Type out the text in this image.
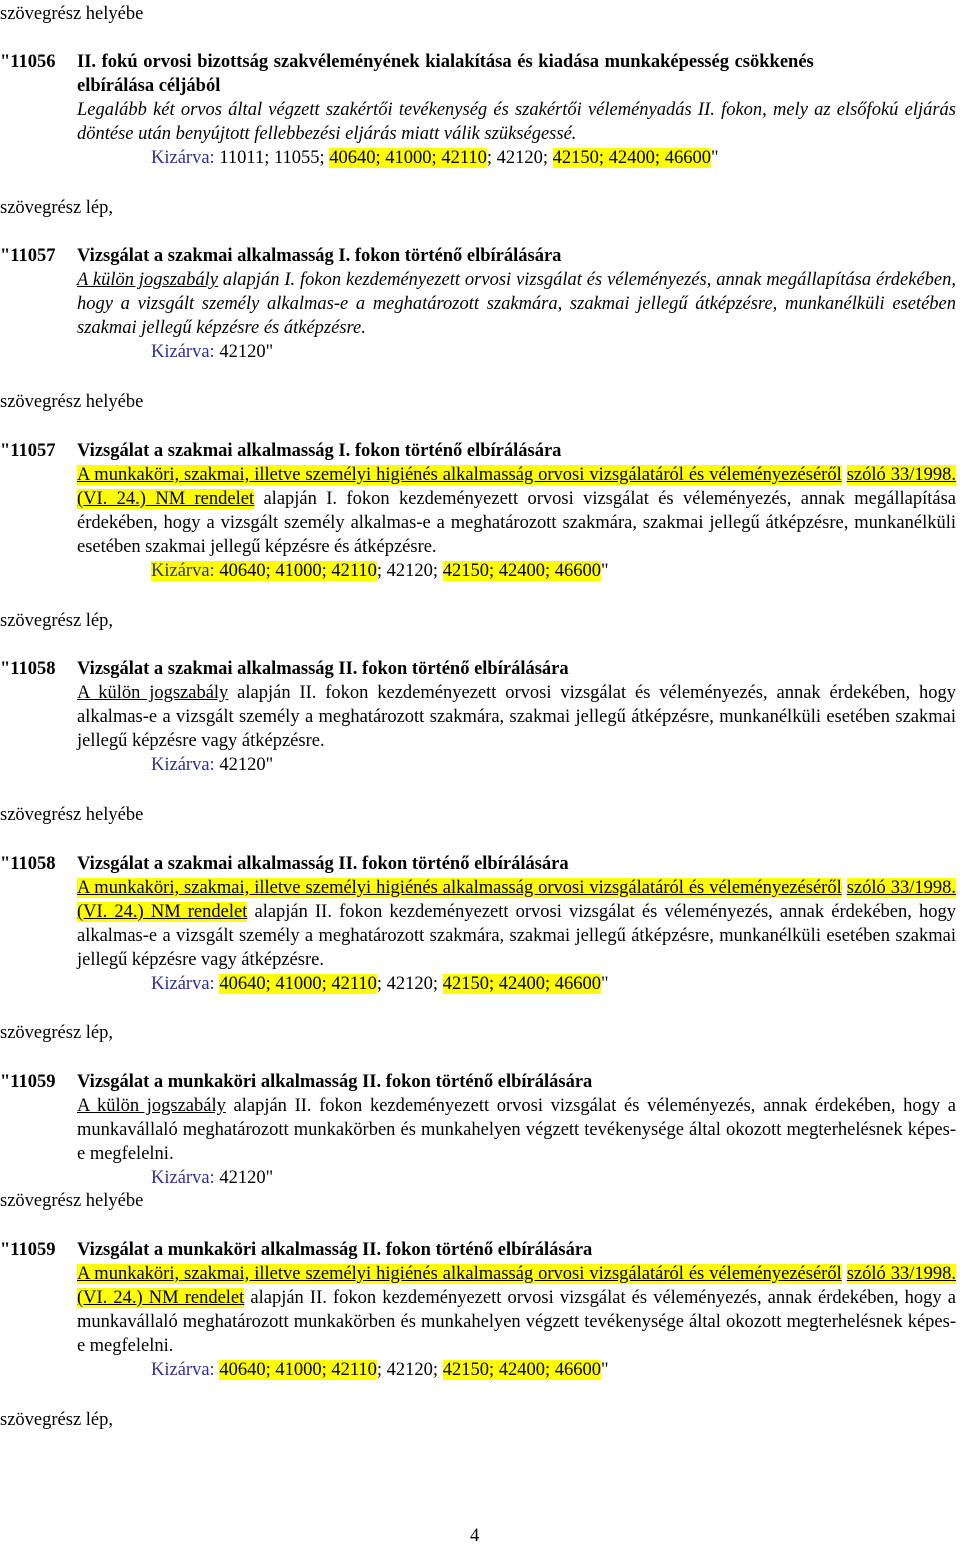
szövegrész helyébe
"11056 II. fokú orvosi bizottság szakvéleményének kialakítása és kiadása munkaképesség csökkenés
elbírálása céljából
Legalább két orvos által végzett szakértői tevékenység és szakértői véleményadás II. fokon, mely az elsőfokú eljárás döntése után benyújtott fellebbezési eljárás miatt válik szükségessé.
Kizárva: 11011; 11055; 40640; 41000; 42110; 42120; 42150; 42400; 46600"
szövegrész lép,
"11057 Vizsgálat a szakmai alkalmasság I. fokon történő elbírálására
A külön jogszabály alapján I. fokon kezdeményezett orvosi vizsgálat és véleményezés, annak megállapítása érdekében, hogy a vizsgált személy alkalmas-e a meghatározott szakmára, szakmai jellegű átképzésre, munkanélküli esetében szakmai jellegű képzésre és átképzésre.
Kizárva: 42120"
szövegrész helyébe
"11057 Vizsgálat a szakmai alkalmasság I. fokon történő elbírálására
A munkaköri, szakmai, illetve személyi higiénés alkalmasság orvosi vizsgálatáról és véleményezéséről szóló 33/1998. (VI. 24.) NM rendelet alapján I. fokon kezdeményezett orvosi vizsgálat és véleményezés, annak megállapítása érdekében, hogy a vizsgált személy alkalmas-e a meghatározott szakmára, szakmai jellegű átképzésre, munkanélküli esetében szakmai jellegű képzésre és átképzésre.
Kizárva: 40640; 41000; 42110; 42120; 42150; 42400; 46600"
szövegrész lép,
"11058 Vizsgálat a szakmai alkalmasság II. fokon történő elbírálására
A külön jogszabály alapján II. fokon kezdeményezett orvosi vizsgálat és véleményezés, annak érdekében, hogy alkalmas-e a vizsgált személy a meghatározott szakmára, szakmai jellegű átképzésre, munkanélküli esetében szakmai jellegű képzésre vagy átképzésre.
Kizárva: 42120"
szövegrész helyébe
"11058 Vizsgálat a szakmai alkalmasság II. fokon történő elbírálására
A munkaköri, szakmai, illetve személyi higiénés alkalmasság orvosi vizsgálatáról és véleményezéséről szóló 33/1998. (VI. 24.) NM rendelet alapján II. fokon kezdeményezett orvosi vizsgálat és véleményezés, annak érdekében, hogy alkalmas-e a vizsgált személy a meghatározott szakmára, szakmai jellegű átképzésre, munkanélküli esetében szakmai jellegű képzésre vagy átképzésre.
Kizárva: 40640; 41000; 42110; 42120; 42150; 42400; 46600"
szövegrész lép,
"11059 Vizsgálat a munkaköri alkalmasság II. fokon történő elbírálására
A külön jogszabály alapján II. fokon kezdeményezett orvosi vizsgálat és véleményezés, annak érdekében, hogy a munkavállaló meghatározott munkakörben és munkahelyen végzett tevékenysége által okozott megterhelésnek képes-e megfelelni.
Kizárva: 42120"
szövegrész helyébe
"11059 Vizsgálat a munkaköri alkalmasság II. fokon történő elbírálására
A munkaköri, szakmai, illetve személyi higiénés alkalmasság orvosi vizsgálatáról és véleményezéséről szóló 33/1998. (VI. 24.) NM rendelet alapján II. fokon kezdeményezett orvosi vizsgálat és véleményezés, annak érdekében, hogy a munkavállaló meghatározott munkakörben és munkahelyen végzett tevékenysége által okozott megterhelésnek képes-e megfelelni.
Kizárva: 40640; 41000; 42110; 42120; 42150; 42400; 46600"
szövegrész lép,
4
